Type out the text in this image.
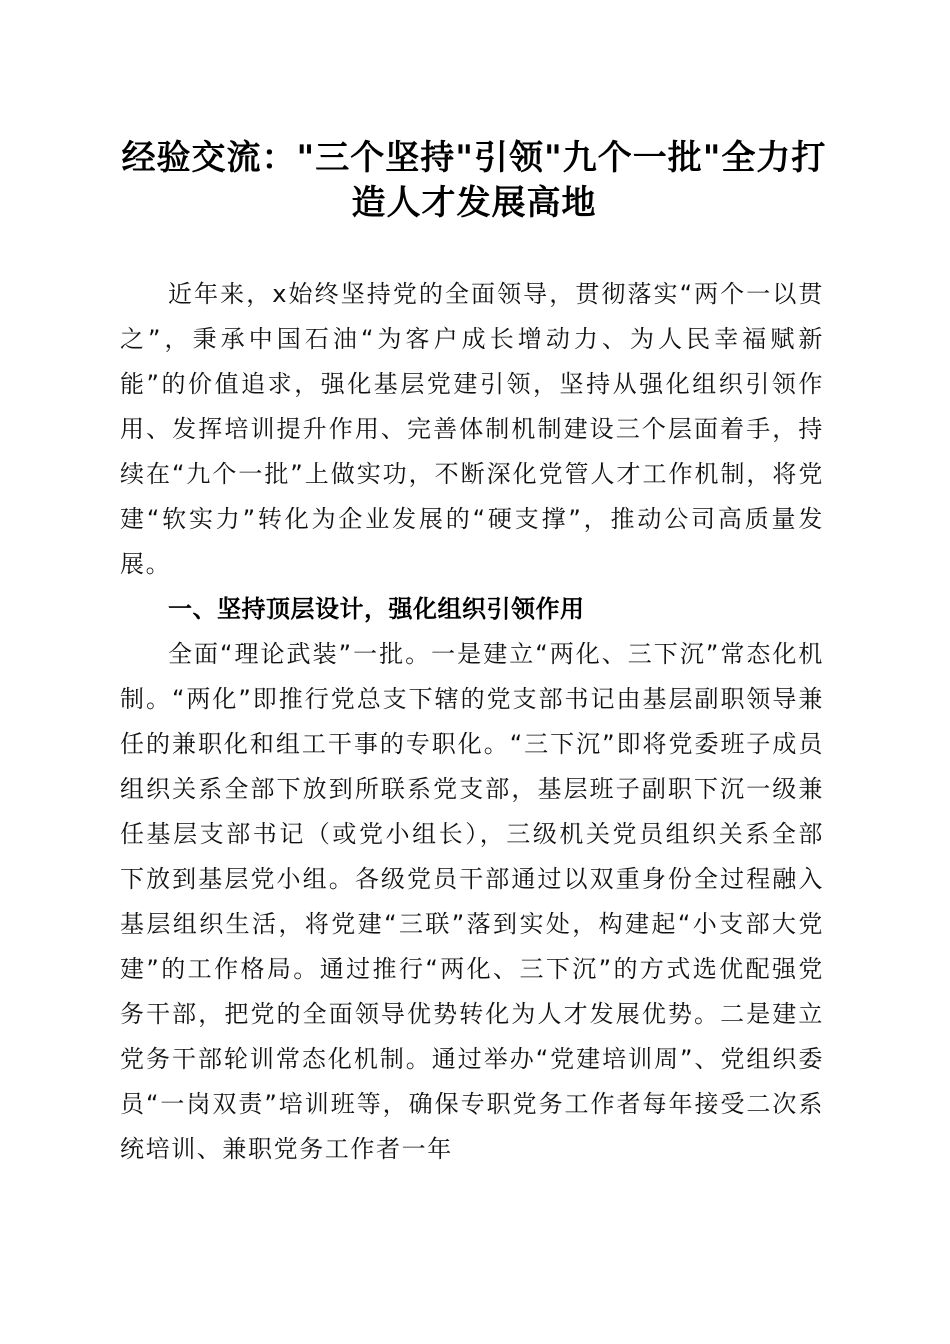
经验交流："三个坚持"引领"九个一批"全力打造人才发展高地

近年来，x始终坚持党的全面领导，贯彻落实“两个一以贯之”，秉承中国石油“为客户成长增动力、为人民幸福赋新能”的价值追求，强化基层党建引领，坚持从强化组织引领作用、发挥培训提升作用、完善体制机制建设三个层面着手，持续在“九个一批”上做实功，不断深化党管人才工作机制，将党建“软实力”转化为企业发展的“硬支撑”，推动公司高质量发展。

一、坚持顶层设计，强化组织引领作用

全面“理论武装”一批。一是建立“两化、三下沉”常态化机制。“两化”即推行党总支下辖的党支部书记由基层副职领导兼任的兼职化和组工干事的专职化。“三下沉”即将党委班子成员组织关系全部下放到所联系党支部，基层班子副职下沉一级兼任基层支部书记（或党小组长），三级机关党员组织关系全部下放到基层党小组。各级党员干部通过以双重身份全过程融入基层组织生活，将党建“三联”落到实处，构建起“小支部大党建”的工作格局。通过推行“两化、三下沉”的方式选优配强党务干部，把党的全面领导优势转化为人才发展优势。二是建立党务干部轮训常态化机制。通过举办“党建培训周”、党组织委员“一岗双责”培训班等，确保专职党务工作者每年接受二次系统培训、兼职党务工作者一年
